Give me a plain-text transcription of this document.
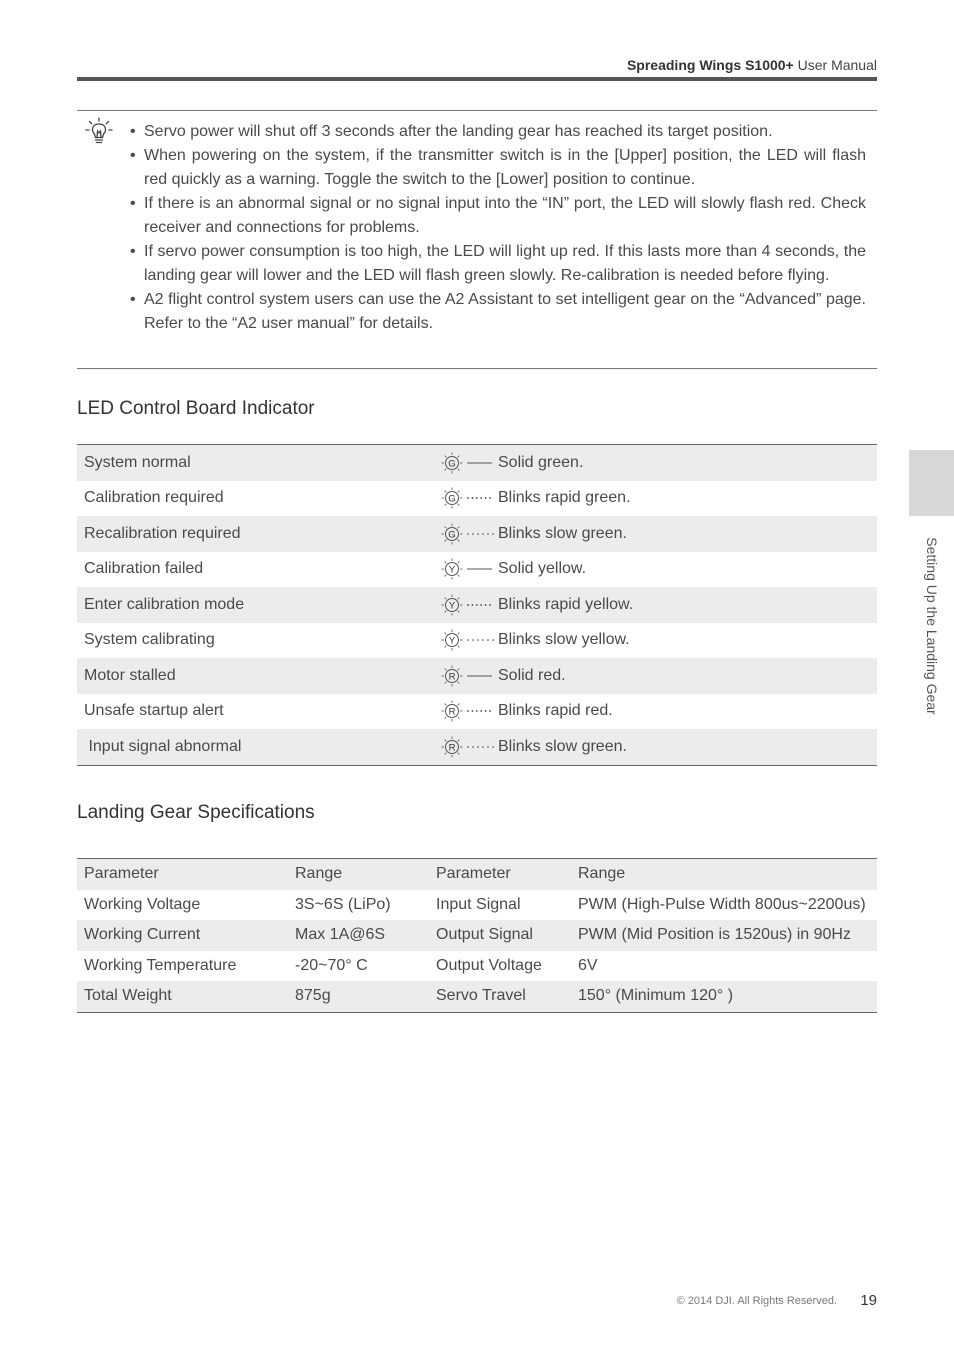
Spreading Wings S1000+ User Manual
• Servo power will shut off 3 seconds after the landing gear has reached its target position.
• When powering on the system, if the transmitter switch is in the [Upper] position, the LED will flash red quickly as a warning. Toggle the switch to the [Lower] position to continue.
• If there is an abnormal signal or no signal input into the “IN” port, the LED will slowly flash red. Check receiver and connections for problems.
• If servo power consumption is too high, the LED will light up red. If this lasts more than 4 seconds, the landing gear will lower and the LED will flash green slowly. Re-calibration is needed before flying.
• A2 flight control system users can use the A2 Assistant to set intelligent gear on the “Advanced” page. Refer to the “A2 user manual” for details.
LED Control Board Indicator
System normal	G	Solid green.
Calibration required	G	Blinks rapid green.
Recalibration required	G	Blinks slow green.
Calibration failed	Y	Solid yellow.
Enter calibration mode	Y	Blinks rapid yellow.
System calibrating	Y	Blinks slow yellow.
Motor stalled	R	Solid red.
Unsafe startup alert	R	Blinks rapid red.
Input signal abnormal	R	Blinks slow green.
Landing Gear Specifications
Parameter	Range	Parameter	Range
Working Voltage	3S~6S (LiPo)	Input Signal	PWM (High-Pulse Width 800us~2200us)
Working Current	Max 1A@6S	Output Signal	PWM (Mid Position is 1520us) in 90Hz
Working Temperature	-20~70° C	Output Voltage	6V
Total Weight	875g	Servo Travel	150° (Minimum 120° )
Setting Up the Landing Gear
© 2014 DJI. All Rights Reserved. 19
